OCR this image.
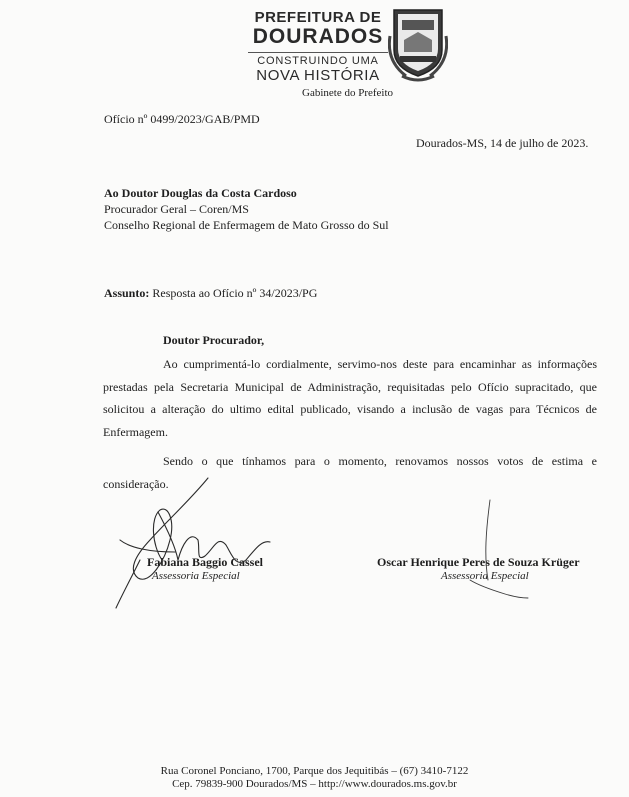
PREFEITURA DE
DOURADOS
CONSTRUINDO UMA
NOVA HISTÓRIA
Gabinete do Prefeito
Ofício nº 0499/2023/GAB/PMD
Dourados-MS, 14 de julho de 2023.
Ao Doutor Douglas da Costa Cardoso
Procurador Geral – Coren/MS
Conselho Regional de Enfermagem de Mato Grosso do Sul
Assunto: Resposta ao Ofício nº 34/2023/PG
Doutor Procurador,
Ao cumprimentá-lo cordialmente, servimo-nos deste para encaminhar as informações prestadas pela Secretaria Municipal de Administração, requisitadas pelo Ofício supracitado, que solicitou a alteração do ultimo edital publicado, visando a inclusão de vagas para Técnicos de Enfermagem.
Sendo o que tínhamos para o momento, renovamos nossos votos de estima e consideração.
Fabiana Baggio Cassel
Assessoria Especial
Oscar Henrique Peres de Souza Krüger
Assessoria Especial
Rua Coronel Ponciano, 1700, Parque dos Jequitibás – (67) 3410-7122
Cep. 79839-900 Dourados/MS – http://www.dourados.ms.gov.br
